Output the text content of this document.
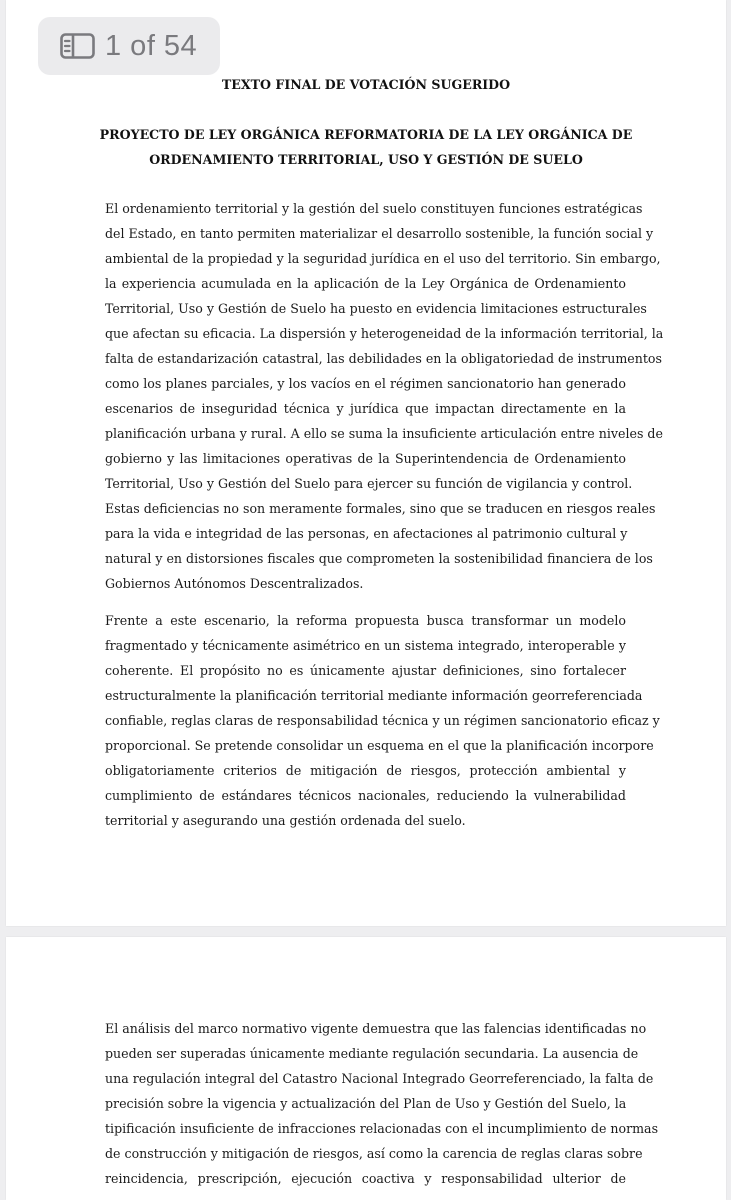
TEXTO FINAL DE VOTACIÓN SUGERIDO
PROYECTO DE LEY ORGÁNICA REFORMATORIA DE LA LEY ORGÁNICA DE
ORDENAMIENTO TERRITORIAL, USO Y GESTIÓN DE SUELO
El ordenamiento territorial y la gestión del suelo constituyen funciones estratégicas
del Estado, en tanto permiten materializar el desarrollo sostenible, la función social y
ambiental de la propiedad y la seguridad jurídica en el uso del territorio. Sin embargo,
la experiencia acumulada en la aplicación de la Ley Orgánica de Ordenamiento
Territorial, Uso y Gestión de Suelo ha puesto en evidencia limitaciones estructurales
que afectan su eficacia. La dispersión y heterogeneidad de la información territorial, la
falta de estandarización catastral, las debilidades en la obligatoriedad de instrumentos
como los planes parciales, y los vacíos en el régimen sancionatorio han generado
escenarios de inseguridad técnica y jurídica que impactan directamente en la
planificación urbana y rural. A ello se suma la insuficiente articulación entre niveles de
gobierno y las limitaciones operativas de la Superintendencia de Ordenamiento
Territorial, Uso y Gestión del Suelo para ejercer su función de vigilancia y control.
Estas deficiencias no son meramente formales, sino que se traducen en riesgos reales
para la vida e integridad de las personas, en afectaciones al patrimonio cultural y
natural y en distorsiones fiscales que comprometen la sostenibilidad financiera de los
Gobiernos Autónomos Descentralizados.
Frente a este escenario, la reforma propuesta busca transformar un modelo
fragmentado y técnicamente asimétrico en un sistema integrado, interoperable y
coherente. El propósito no es únicamente ajustar definiciones, sino fortalecer
estructuralmente la planificación territorial mediante información georreferenciada
confiable, reglas claras de responsabilidad técnica y un régimen sancionatorio eficaz y
proporcional. Se pretende consolidar un esquema en el que la planificación incorpore
obligatoriamente criterios de mitigación de riesgos, protección ambiental y
cumplimiento de estándares técnicos nacionales, reduciendo la vulnerabilidad
territorial y asegurando una gestión ordenada del suelo.
El análisis del marco normativo vigente demuestra que las falencias identificadas no
pueden ser superadas únicamente mediante regulación secundaria. La ausencia de
una regulación integral del Catastro Nacional Integrado Georreferenciado, la falta de
precisión sobre la vigencia y actualización del Plan de Uso y Gestión del Suelo, la
tipificación insuficiente de infracciones relacionadas con el incumplimiento de normas
de construcción y mitigación de riesgos, así como la carencia de reglas claras sobre
reincidencia, prescripción, ejecución coactiva y responsabilidad ulterior de
1 of 54
